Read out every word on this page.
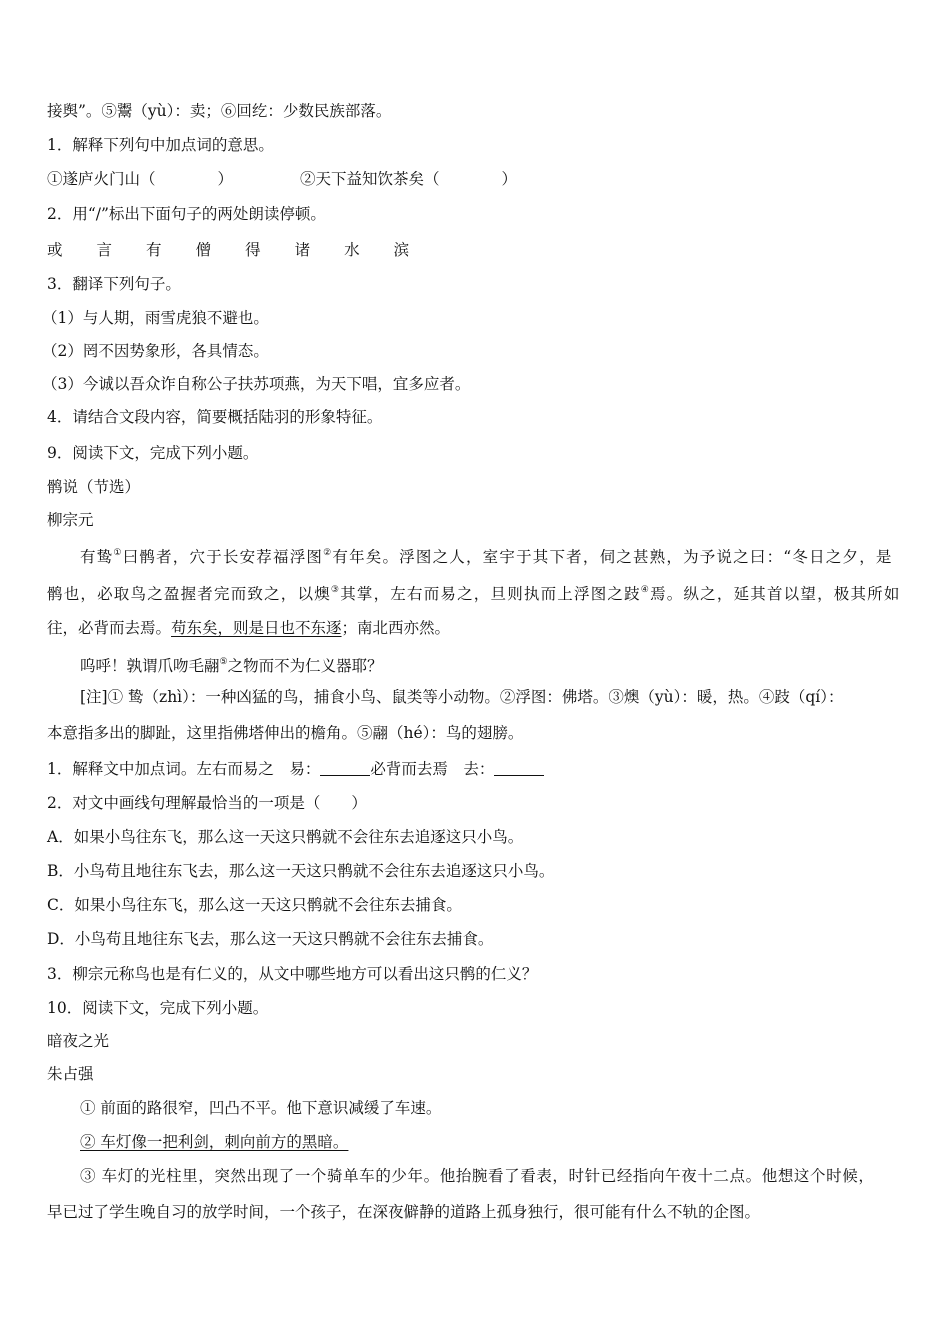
接舆”。⑤鬻（yù）：卖；⑥回纥：少数民族部落。
1．解释下列句中加点词的意思。
①遂庐火门山（　　　　）	②天下益知饮茶矣（　　　　）
2．用“/”标出下面句子的两处朗读停顿。
或 言 有 僧 得 诸 水 滨
3．翻译下列句子。
（1）与人期，雨雪虎狼不避也。
（2）罔不因势象形，各具情态。
（3）今诚以吾众诈自称公子扶苏项燕，为天下唱，宜多应者。
4．请结合文段内容，简要概括陆羽的形象特征。
9．阅读下文，完成下列小题。
鹘说（节选）
柳宗元
有鸷①曰鹘者，穴于长安荐福浮图②有年矣。浮图之人，室宇于其下者，伺之甚熟，为予说之曰：“冬日之夕，是
鹘也，必取鸟之盈握者完而致之，以燠③其掌，左右而易之，旦则执而上浮图之跂④焉。纵之，延其首以望，极其所如
往，必背而去焉。苟东矣，则是日也不东逐；南北西亦然。
呜呼！孰谓爪吻毛翮⑤之物而不为仁义器耶？
[注]① 鸷（zhì）：一种凶猛的鸟，捕食小鸟、鼠类等小动物。②浮图：佛塔。③燠（yù）：暖，热。④跂（qí）：
本意指多出的脚趾，这里指佛塔伸出的檐角。⑤翮（hé）：鸟的翅膀。
1．解释文中加点词。左右而易之　易：	必背而去焉　去：
2．对文中画线句理解最恰当的一项是（　　）
A．如果小鸟往东飞，那么这一天这只鹘就不会往东去追逐这只小鸟。
B．小鸟苟且地往东飞去，那么这一天这只鹘就不会往东去追逐这只小鸟。
C．如果小鸟往东飞，那么这一天这只鹘就不会往东去捕食。
D．小鸟苟且地往东飞去，那么这一天这只鹘就不会往东去捕食。
3．柳宗元称鸟也是有仁义的，从文中哪些地方可以看出这只鹘的仁义？
10．阅读下文，完成下列小题。
暗夜之光
朱占强
① 前面的路很窄，凹凸不平。他下意识减缓了车速。
② 车灯像一把利剑，刺向前方的黑暗。
③ 车灯的光柱里，突然出现了一个骑单车的少年。他抬腕看了看表，时针已经指向午夜十二点。他想这个时候，
早已过了学生晚自习的放学时间，一个孩子，在深夜僻静的道路上孤身独行，很可能有什么不轨的企图。
